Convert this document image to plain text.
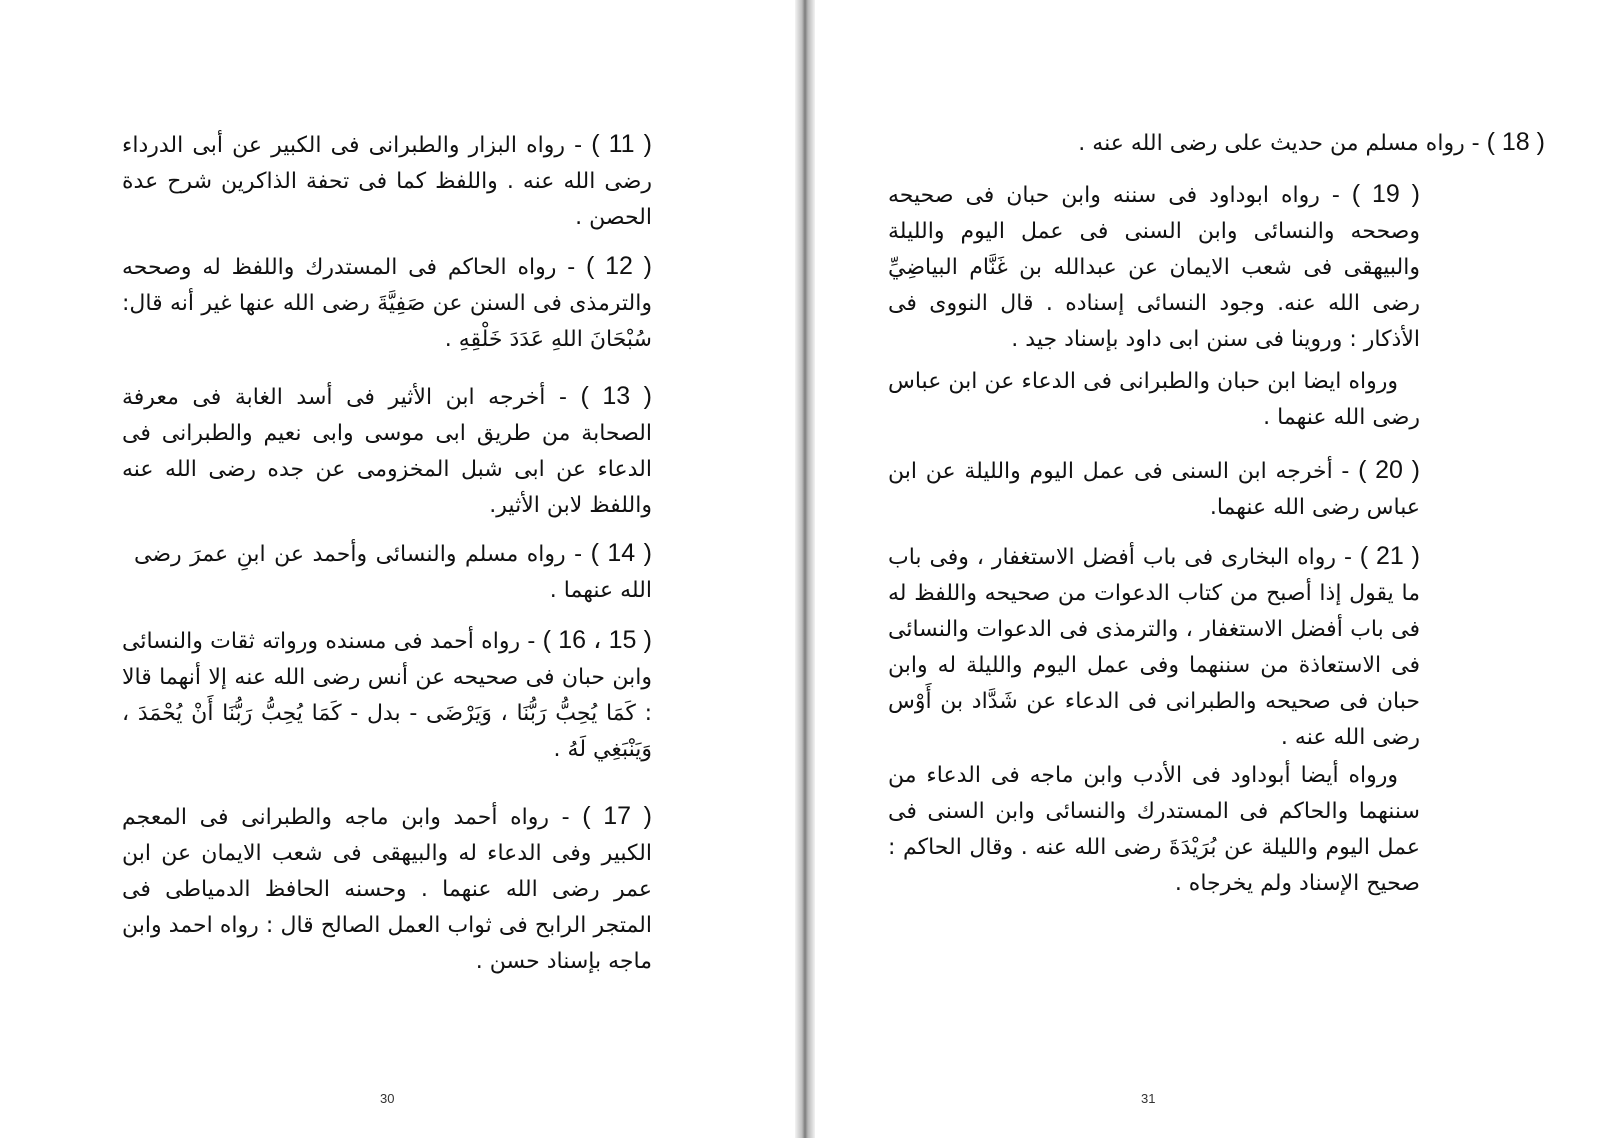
( 11 ) - رواه البزار والطبرانى فى الكبير عن أبى الدرداء رضى الله عنه . واللفظ كما فى تحفة الذاكرين شرح عدة الحصن .

( 12 ) - رواه الحاكم فى المستدرك واللفظ له وصححه والترمذى فى السنن عن صَفِيَّةَ رضى الله عنها غير أنه قال: سُبْحَانَ اللهِ عَدَدَ خَلْقِهِ .

( 13 ) - أخرجه ابن الأثير فى أسد الغابة فى معرفة الصحابة من طريق ابى موسى وابى نعيم والطبرانى فى الدعاء عن ابى شبل المخزومى عن جده رضى الله عنه واللفظ لابن الأثير.

( 14 ) - رواه مسلم والنسائى وأحمد عن ابنِ عمرَ رضى الله عنهما .

( 15 ، 16 ) - رواه أحمد فى مسنده ورواته ثقات والنسائى وابن حبان فى صحيحه عن أنس رضى الله عنه إلا أنهما قالا : كَمَا يُحِبُّ رَبُّنَا ، وَيَرْضَى - بدل - كَمَا يُحِبُّ رَبُّنَا أَنْ يُحْمَدَ ، وَيَنْبَغِي لَهُ .

( 17 ) - رواه أحمد وابن ماجه والطبرانى فى المعجم الكبير وفى الدعاء له والبيهقى فى شعب الايمان عن ابن عمر رضى الله عنهما . وحسنه الحافظ الدمياطى فى المتجر الرابح فى ثواب العمل الصالح قال : رواه احمد وابن ماجه بإسناد حسن .

30

( 18 ) - رواه مسلم من حديث على رضى الله عنه .

( 19 ) - رواه ابوداود فى سننه وابن حبان فى صحيحه وصححه والنسائى وابن السنى فى عمل اليوم والليلة والبيهقى فى شعب الايمان عن عبدالله بن غَنَّام البياضِيِّ رضى الله عنه. وجود النسائى إسناده . قال النووى فى الأذكار : وروينا فى سنن ابى داود بإسناد جيد .

ورواه ايضا ابن حبان والطبرانى فى الدعاء عن ابن عباس رضى الله عنهما .

( 20 ) - أخرجه ابن السنى فى عمل اليوم والليلة عن ابن عباس رضى الله عنهما.

( 21 ) - رواه البخارى فى باب أفضل الاستغفار ، وفى باب ما يقول إذا أصبح من كتاب الدعوات من صحيحه واللفظ له فى باب أفضل الاستغفار ، والترمذى فى الدعوات والنسائى فى الاستعاذة من سننهما وفى عمل اليوم والليلة له وابن حبان فى صحيحه والطبرانى فى الدعاء عن شَدَّاد بن أَوْس رضى الله عنه .

ورواه أيضا أبوداود فى الأدب وابن ماجه فى الدعاء من سننهما والحاكم فى المستدرك والنسائى وابن السنى فى عمل اليوم والليلة عن بُرَيْدَةَ رضى الله عنه . وقال الحاكم : صحيح الإسناد ولم يخرجاه .

31
